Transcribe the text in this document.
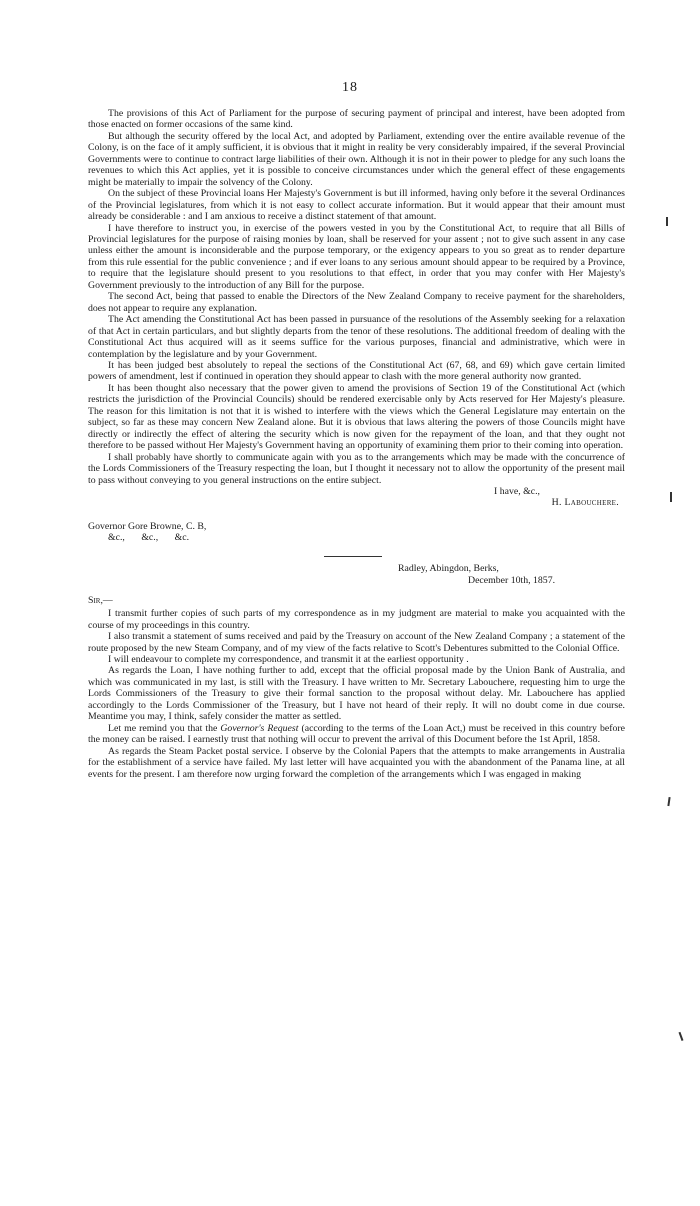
18

The provisions of this Act of Parliament for the purpose of securing payment of principal and interest, have been adopted from those enacted on former occasions of the same kind.

But although the security offered by the local Act, and adopted by Parliament, extending over the entire available revenue of the Colony, is on the face of it amply sufficient, it is obvious that it might in reality be very considerably impaired, if the several Provincial Governments were to continue to contract large liabilities of their own. Although it is not in their power to pledge for any such loans the revenues to which this Act applies, yet it is possible to conceive circumstances under which the general effect of these engagements might be materially to impair the solvency of the Colony.

On the subject of these Provincial loans Her Majesty's Government is but ill informed, having only before it the several Ordinances of the Provincial legislatures, from which it is not easy to collect accurate information. But it would appear that their amount must already be considerable : and I am anxious to receive a distinct statement of that amount.

I have therefore to instruct you, in exercise of the powers vested in you by the Constitutional Act, to require that all Bills of Provincial legislatures for the purpose of raising monies by loan, shall be reserved for your assent ; not to give such assent in any case unless either the amount is inconsiderable and the purpose temporary, or the exigency appears to you so great as to render departure from this rule essential for the public convenience ; and if ever loans to any serious amount should appear to be required by a Province, to require that the legislature should present to you resolutions to that effect, in order that you may confer with Her Majesty's Government previously to the introduction of any Bill for the purpose.

The second Act, being that passed to enable the Directors of the New Zealand Company to receive payment for the shareholders, does not appear to require any explanation.

The Act amending the Constitutional Act has been passed in pursuance of the resolutions of the Assembly seeking for a relaxation of that Act in certain particulars, and but slightly departs from the tenor of these resolutions. The additional freedom of dealing with the Constitutional Act thus acquired will as it seems suffice for the various purposes, financial and administrative, which were in contemplation by the legislature and by your Government.

It has been judged best absolutely to repeal the sections of the Constitutional Act (67, 68, and 69) which gave certain limited powers of amendment, lest if continued in operation they should appear to clash with the more general authority now granted.

It has been thought also necessary that the power given to amend the provisions of Section 19 of the Constitutional Act (which restricts the jurisdiction of the Provincial Councils) should be rendered exercisable only by Acts reserved for Her Majesty's pleasure. The reason for this limitation is not that it is wished to interfere with the views which the General Legislature may entertain on the subject, so far as these may concern New Zealand alone. But it is obvious that laws altering the powers of those Councils might have directly or indirectly the effect of altering the security which is now given for the repayment of the loan, and that they ought not therefore to be passed without Her Majesty's Government having an opportunity of examining them prior to their coming into operation.

I shall probably have shortly to communicate again with you as to the arrangements which may be made with the concurrence of the Lords Commissioners of the Treasury respecting the loan, but I thought it necessary not to allow the opportunity of the present mail to pass without conveying to you general instructions on the entire subject.

I have, &c.,
H. Labouchere.
Governor Gore Browne, C. B,
&c., &c., &c.
Radley, Abingdon, Berks,
December 10th, 1857.
Sir,—

I transmit further copies of such parts of my correspondence as in my judgment are material to make you acquainted with the course of my proceedings in this country.

I also transmit a statement of sums received and paid by the Treasury on account of the New Zealand Company ; a statement of the route proposed by the new Steam Company, and of my view of the facts relative to Scott's Debentures submitted to the Colonial Office.

I will endeavour to complete my correspondence, and transmit it at the earliest opportunity .

As regards the Loan, I have nothing further to add, except that the official proposal made by the Union Bank of Australia, and which was communicated in my last, is still with the Treasury. I have written to Mr. Secretary Labouchere, requesting him to urge the Lords Commissioners of the Treasury to give their formal sanction to the proposal without delay. Mr. Labouchere has applied accordingly to the Lords Commissioner of the Treasury, but I have not heard of their reply. It will no doubt come in due course. Meantime you may, I think, safely consider the matter as settled.

Let me remind you that the Governor's Request (according to the terms of the Loan Act,) must be received in this country before the money can be raised. I earnestly trust that nothing will occur to prevent the arrival of this Document before the 1st April, 1858.

As regards the Steam Packet postal service. I observe by the Colonial Papers that the attempts to make arrangements in Australia for the establishment of a service have failed. My last letter will have acquainted you with the abandonment of the Panama line, at all events for the present. I am therefore now urging forward the completion of the arrangements which I was engaged in making
